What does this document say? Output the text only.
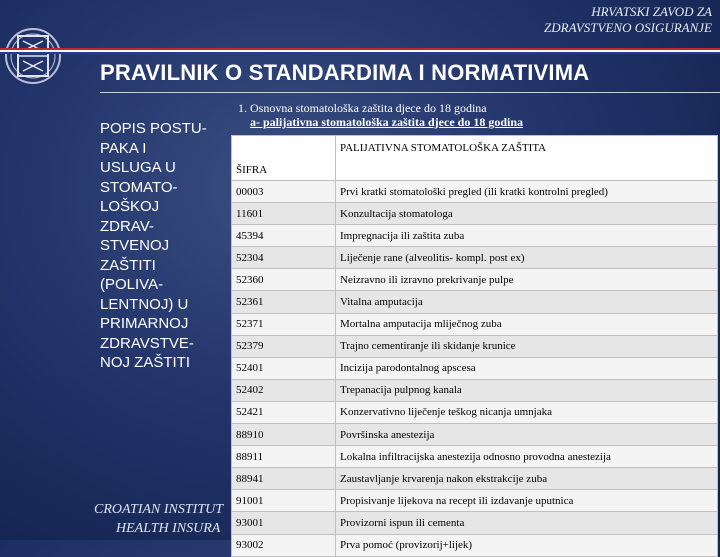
HRVATSKI ZAVOD ZA
ZDRAVSTVENO OSIGURANJE
PRAVILNIK O STANDARDIMA I NORMATIVIMA
1. Osnovna stomatološka zaštita djece do 18 godina
a- palijativna stomatološka zaštita djece do 18 godina
POPIS POSTU-
PAKA I
USLUGA U
STOMATO-
LOŠKOJ
ZDRAV-
STVENOJ
ZAŠTITI
(POLIVA-
LENTNOJ) U
PRIMARNOJ
ZDRAVSTVE-
NOJ ZAŠTITI
CROATIAN INSTITUT
HEALTH INSURA
ŠIFRA	PALIJATIVNA STOMATOLOŠKA ZAŠTITA
00003	Prvi kratki stomatološki pregled (ili kratki kontrolni pregled)
11601	Konzultacija stomatologa
45394	Impregnacija ili zaštita zuba
52304	Liječenje rane (alveolitis- kompl. post ex)
52360	Neizravno ili izravno prekrivanje pulpe
52361	Vitalna amputacija
52371	Mortalna amputacija mliječnog zuba
52379	Trajno cementiranje ili skidanje krunice
52401	Incizija parodontalnog apscesa
52402	Trepanacija pulpnog kanala
52421	Konzervativno liječenje teškog nicanja umnjaka
88910	Površinska anestezija
88911	Lokalna infiltracijska anestezija odnosno provodna anestezija
88941	Zaustavljanje krvarenja nakon ekstrakcije zuba
91001	Propisivanje lijekova na recept ili izdavanje uputnica
93001	Provizorni ispun ili cementa
93002	Prva pomoć (provizorij+lijek)
